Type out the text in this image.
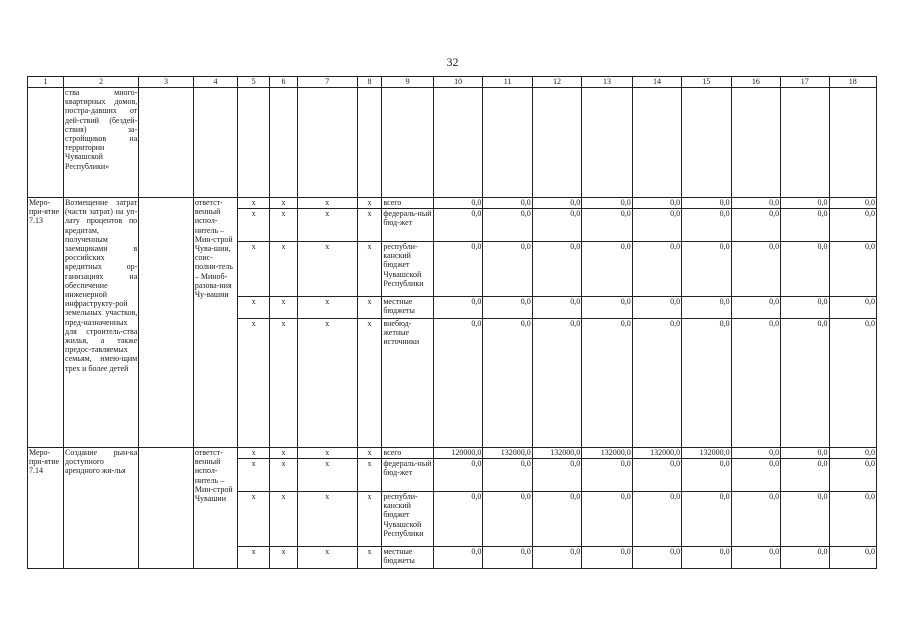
32
1	2	3	4	5	6	7	8	9	10	11	12	13	14	15	16	17	18
	ства много-квартирных домов, постра-давших от дей-ствий (бездей-ствия) за-стройщиков на территории Чувашской Республики»																
Меро-при-ятие 7.13	Возмещение затрат (части затрат) на уп-лату процентов по кредитам, полученным заемщиками в российских кредитных ор-ганизациях на обеспечение инженерной инфраструкту-рой земельных участков, пред-назначенных для строитель-ства жилья, а также предос-тавляемых семьям, имею-щим трех и более детей		ответст-венный испол-нитель – Мин-строй Чува-шии, соис-полни-тель – Миноб-разова-ния Чу-вашии	x	x	x	x	всего	0,0	0,0	0,0	0,0	0,0	0,0	0,0	0,0	0,0
				x	x	x	x	федераль-ный бюд-жет	0,0	0,0	0,0	0,0	0,0	0,0	0,0	0,0	0,0
				x	x	x	x	республи-канский бюджет Чувашской Республики	0,0	0,0	0,0	0,0	0,0	0,0	0,0	0,0	0,0
				x	x	x	x	местные бюджеты	0,0	0,0	0,0	0,0	0,0	0,0	0,0	0,0	0,0
				x	x	x	x	внебюд-жетные источники	0,0	0,0	0,0	0,0	0,0	0,0	0,0	0,0	0,0
Меро-при-ятие 7.14	Создание рын-ка доступного арендного жи-лья		ответст-венный испол-нитель – Мин-строй Чувашии	x	x	x	x	всего	120000,0	132000,0	132000,0	132000,0	132000,0	132000,0	0,0	0,0	0,0
				x	x	x	x	федераль-ный бюд-жет	0,0	0,0	0,0	0,0	0,0	0,0	0,0	0,0	0,0
				x	x	x	x	республи-канский бюджет Чувашской Республики	0,0	0,0	0,0	0,0	0,0	0,0	0,0	0,0	0,0
				x	x	x	x	местные бюджеты	0,0	0,0	0,0	0,0	0,0	0,0	0,0	0,0	0,0
